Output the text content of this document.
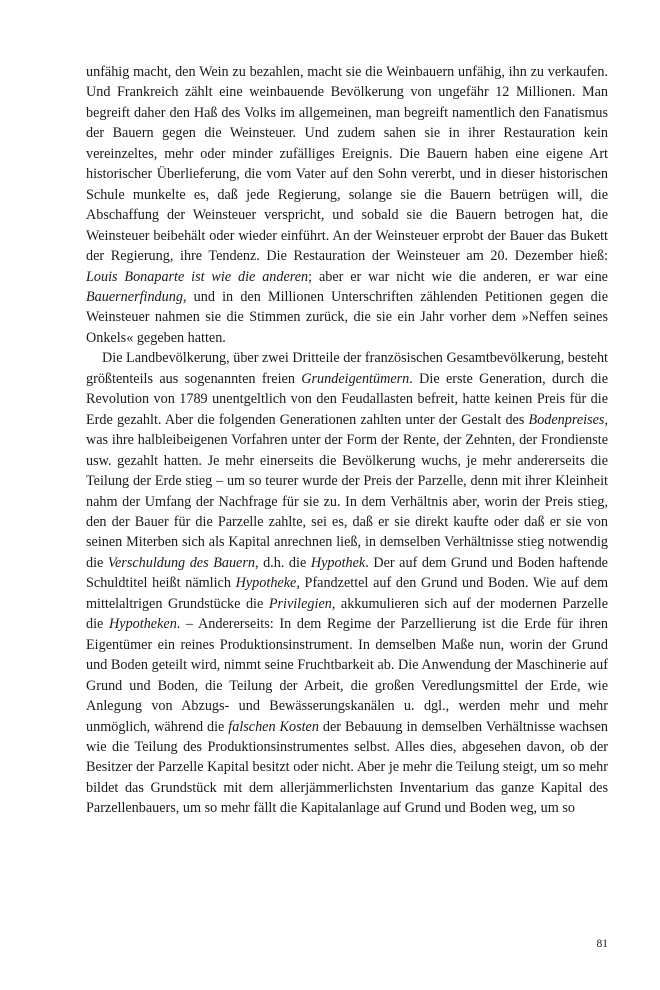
unfähig macht, den Wein zu bezahlen, macht sie die Weinbauern unfähig, ihn zu verkaufen. Und Frankreich zählt eine weinbauende Bevölkerung von ungefähr 12 Millionen. Man begreift daher den Haß des Volks im allgemeinen, man begreift namentlich den Fanatismus der Bauern gegen die Weinsteuer. Und zudem sahen sie in ihrer Restauration kein vereinzeltes, mehr oder minder zufälliges Ereignis. Die Bauern haben eine eigene Art historischer Überlieferung, die vom Vater auf den Sohn vererbt, und in dieser historischen Schule munkelte es, daß jede Regierung, solange sie die Bauern betrügen will, die Abschaffung der Weinsteuer verspricht, und sobald sie die Bauern betrogen hat, die Weinsteuer beibehält oder wieder einführt. An der Weinsteuer erprobt der Bauer das Bukett der Regierung, ihre Tendenz. Die Restauration der Weinsteuer am 20. Dezember hieß: Louis Bonaparte ist wie die anderen; aber er war nicht wie die anderen, er war eine Bauernerfindung, und in den Millionen Unterschriften zählenden Petitionen gegen die Weinsteuer nahmen sie die Stimmen zurück, die sie ein Jahr vorher dem »Neffen seines Onkels« gegeben hatten.

Die Landbevölkerung, über zwei Dritteile der französischen Gesamtbevölkerung, besteht größtenteils aus sogenannten freien Grundeigentümern. Die erste Generation, durch die Revolution von 1789 unentgeltlich von den Feudallasten befreit, hatte keinen Preis für die Erde gezahlt. Aber die folgenden Generationen zahlten unter der Gestalt des Bodenpreises, was ihre halbleibeigenen Vorfahren unter der Form der Rente, der Zehnten, der Frondienste usw. gezahlt hatten. Je mehr einerseits die Bevölkerung wuchs, je mehr andererseits die Teilung der Erde stieg – um so teurer wurde der Preis der Parzelle, denn mit ihrer Kleinheit nahm der Umfang der Nachfrage für sie zu. In dem Verhältnis aber, worin der Preis stieg, den der Bauer für die Parzelle zahlte, sei es, daß er sie direkt kaufte oder daß er sie von seinen Miterben sich als Kapital anrechnen ließ, in demselben Verhältnisse stieg notwendig die Verschuldung des Bauern, d.h. die Hypothek. Der auf dem Grund und Boden haftende Schuldtitel heißt nämlich Hypotheke, Pfandzettel auf den Grund und Boden. Wie auf dem mittelaltrigen Grundstücke die Privilegien, akkumulieren sich auf der modernen Parzelle die Hypotheken. – Andererseits: In dem Regime der Parzellierung ist die Erde für ihren Eigentümer ein reines Produktionsinstrument. In demselben Maße nun, worin der Grund und Boden geteilt wird, nimmt seine Fruchtbarkeit ab. Die Anwendung der Maschinerie auf Grund und Boden, die Teilung der Arbeit, die großen Veredlungsmittel der Erde, wie Anlegung von Abzugs- und Bewässerungskanälen u. dgl., werden mehr und mehr unmöglich, während die falschen Kosten der Bebauung in demselben Verhältnisse wachsen wie die Teilung des Produktionsinstrumentes selbst. Alles dies, abgesehen davon, ob der Besitzer der Parzelle Kapital besitzt oder nicht. Aber je mehr die Teilung steigt, um so mehr bildet das Grundstück mit dem allerjämmerlichsten Inventarium das ganze Kapital des Parzellenbauers, um so mehr fällt die Kapitalanlage auf Grund und Boden weg, um so

81
